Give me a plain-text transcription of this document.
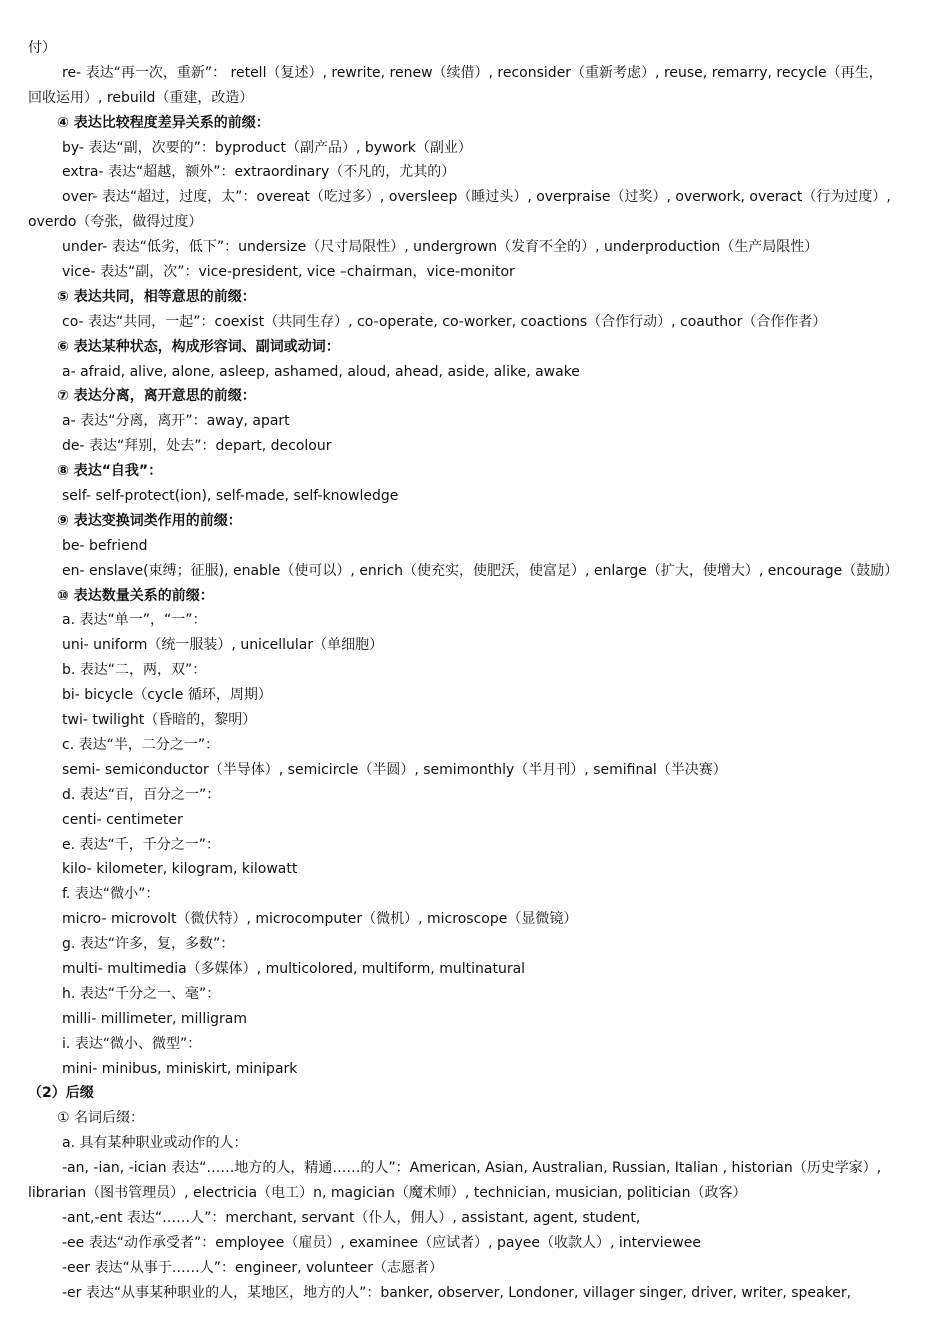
付）
re- 表达“再一次，重新”： retell（复述）, rewrite, renew（续借）, reconsider（重新考虑）, reuse, remarry, recycle（再生，
回收运用）, rebuild（重建，改造）
④ 表达比较程度差异关系的前缀：
by- 表达“副，次要的”：byproduct（副产品）, bywork（副业）
extra- 表达“超越，额外”：extraordinary（不凡的，尤其的）
over- 表达“超过，过度，太”：overeat（吃过多）, oversleep（睡过头）, overpraise（过奖）, overwork, overact（行为过度）,
overdo（夸张，做得过度）
under- 表达“低劣，低下”：undersize（尺寸局限性）, undergrown（发育不全的）, underproduction（生产局限性）
vice- 表达“副，次”：vice-president, vice –chairman，vice-monitor
⑤ 表达共同，相等意思的前缀：
co- 表达“共同，一起”：coexist（共同生存）, co-operate, co-worker, coactions（合作行动）, coauthor（合作作者）
⑥ 表达某种状态，构成形容词、副词或动词：
a- afraid, alive, alone, asleep, ashamed, aloud, ahead, aside, alike, awake
⑦ 表达分离，离开意思的前缀：
a- 表达“分离，离开”：away, apart
de- 表达“拜别，处去”：depart, decolour
⑧ 表达“自我”：
self- self-protect(ion), self-made, self-knowledge
⑨ 表达变换词类作用的前缀：
be- befriend
en- enslave(束缚；征服), enable（使可以）, enrich（使充实，使肥沃，使富足）, enlarge（扩大，使增大）, encourage（鼓励）
⑩ 表达数量关系的前缀：
a. 表达“单一”，“一”：
uni- uniform（统一服装）, unicellular（单细胞）
b. 表达“二，两，双”：
bi- bicycle（cycle 循环，周期）
twi- twilight（昏暗的，黎明）
c. 表达“半，二分之一”：
semi- semiconductor（半导体）, semicircle（半圆）, semimonthly（半月刊）, semifinal（半决赛）
d. 表达“百，百分之一”：
centi- centimeter
e. 表达“千，千分之一”：
kilo- kilometer, kilogram, kilowatt
f. 表达“微小”：
micro- microvolt（微伏特）, microcomputer（微机）, microscope（显微镜）
g. 表达“许多，复，多数”：
multi- multimedia（多媒体）, multicolored, multiform, multinatural
h. 表达“千分之一、毫”：
milli- millimeter, milligram
i. 表达“微小、微型”：
mini- minibus, miniskirt, minipark
（2）后缀
① 名词后缀：
a. 具有某种职业或动作的人：
-an, -ian, -ician 表达“……地方的人，精通……的人”：American, Asian, Australian, Russian, Italian , historian（历史学家）,
librarian（图书管理员）, electricia（电工）n, magician（魔术师）, technician, musician, politician（政客）
-ant,-ent 表达“……人”：merchant, servant（仆人，佣人）, assistant, agent, student,
-ee 表达“动作承受者”：employee（雇员）, examinee（应试者）, payee（收款人）, interviewee
-eer 表达“从事于……人”：engineer, volunteer（志愿者）
-er 表达“从事某种职业的人，某地区，地方的人”：banker, observer, Londoner, villager singer, driver, writer, speaker,
